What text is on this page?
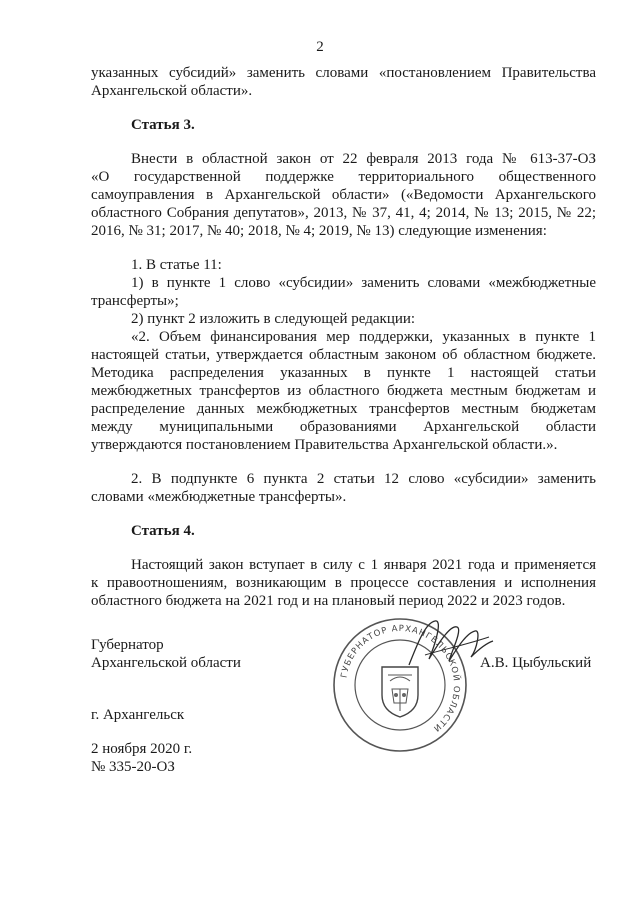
2
указанных субсидий» заменить словами «постановлением Правительства
Архангельской области».
Статья 3.
Внести в областной закон от 22 февраля 2013 года № 613-37-ОЗ
«О государственной поддержке территориального общественного
самоуправления в Архангельской области» («Ведомости Архангельского
областного Собрания депутатов», 2013, № 37, 41, 4; 2014, № 13; 2015, № 22;
2016, № 31; 2017, № 40; 2018, № 4; 2019, № 13) следующие изменения:
1. В статье 11:
1) в пункте 1 слово «субсидии» заменить словами «межбюджетные
трансферты»;
2) пункт 2 изложить в следующей редакции:
«2. Объем финансирования мер поддержки, указанных в пункте 1
настоящей статьи, утверждается областным законом об областном бюджете.
Методика распределения указанных в пункте 1 настоящей статьи
межбюджетных трансфертов из областного бюджета местным бюджетам и
распределение данных межбюджетных трансфертов местным бюджетам
между муниципальными образованиями Архангельской области
утверждаются постановлением Правительства Архангельской области.».
2. В подпункте 6 пункта 2 статьи 12 слово «субсидии» заменить
словами «межбюджетные трансферты».
Статья 4.
Настоящий закон вступает в силу с 1 января 2021 года и применяется
к правоотношениям, возникающим в процессе составления и исполнения
областного бюджета на 2021 год и на плановый период 2022 и 2023 годов.
Губернатор
Архангельской области	А.В. Цыбульский
ГУБЕРНАТОР АРХАНГЕЛЬСКОЙ ОБЛАСТИ
г. Архангельск
2 ноября 2020 г.
№ 335-20-ОЗ
